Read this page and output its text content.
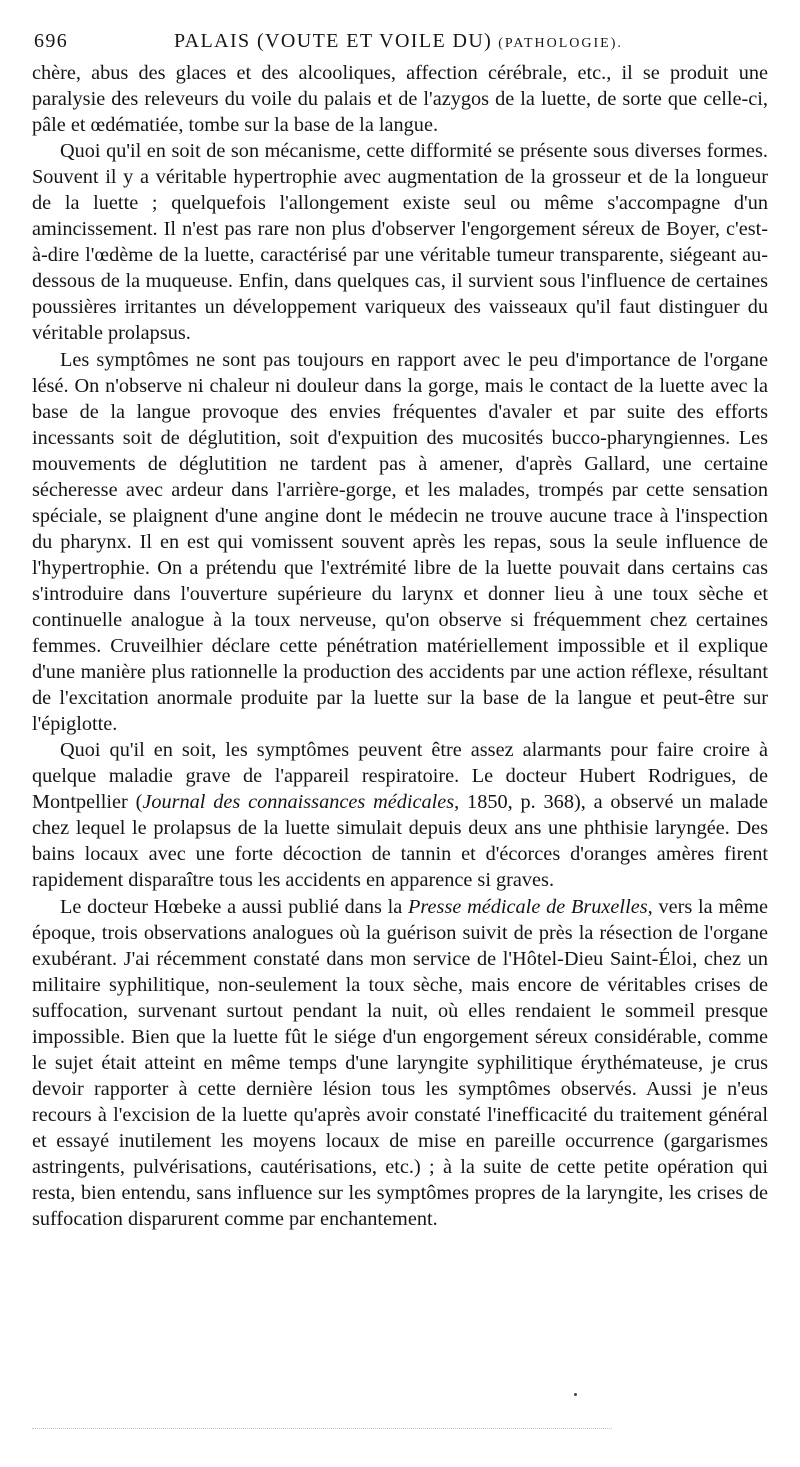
696	PALAIS (VOUTE ET VOILE DU) (PATHOLOGIE).

chère, abus des glaces et des alcooliques, affection cérébrale, etc., il se produit une paralysie des releveurs du voile du palais et de l'azygos de la luette, de sorte que celle-ci, pâle et œdématiée, tombe sur la base de la langue.

Quoi qu'il en soit de son mécanisme, cette difformité se présente sous diverses formes. Souvent il y a véritable hypertrophie avec augmentation de la grosseur et de la longueur de la luette ; quelquefois l'allongement existe seul ou même s'accompagne d'un amincissement. Il n'est pas rare non plus d'observer l'engorgement séreux de Boyer, c'est-à-dire l'œdème de la luette, caractérisé par une véritable tumeur transparente, siégeant au-dessous de la muqueuse. Enfin, dans quelques cas, il survient sous l'influence de certaines poussières irritantes un développement variqueux des vaisseaux qu'il faut distinguer du véritable prolapsus.

Les symptômes ne sont pas toujours en rapport avec le peu d'importance de l'organe lésé. On n'observe ni chaleur ni douleur dans la gorge, mais le contact de la luette avec la base de la langue provoque des envies fréquentes d'avaler et par suite des efforts incessants soit de déglutition, soit d'expuition des mucosités bucco-pharyngiennes. Les mouvements de déglutition ne tardent pas à amener, d'après Gallard, une certaine sécheresse avec ardeur dans l'arrière-gorge, et les malades, trompés par cette sensation spéciale, se plaignent d'une angine dont le médecin ne trouve aucune trace à l'inspection du pharynx. Il en est qui vomissent souvent après les repas, sous la seule influence de l'hypertrophie. On a prétendu que l'extrémité libre de la luette pouvait dans certains cas s'introduire dans l'ouverture supérieure du larynx et donner lieu à une toux sèche et continuelle analogue à la toux nerveuse, qu'on observe si fréquemment chez certaines femmes. Cruveilhier déclare cette pénétration matériellement impossible et il explique d'une manière plus rationnelle la production des accidents par une action réflexe, résultant de l'excitation anormale produite par la luette sur la base de la langue et peut-être sur l'épiglotte.

Quoi qu'il en soit, les symptômes peuvent être assez alarmants pour faire croire à quelque maladie grave de l'appareil respiratoire. Le docteur Hubert Rodrigues, de Montpellier (Journal des connaissances médicales, 1850, p. 368), a observé un malade chez lequel le prolapsus de la luette simulait depuis deux ans une phthisie laryngée. Des bains locaux avec une forte décoction de tannin et d'écorces d'oranges amères firent rapidement disparaître tous les accidents en apparence si graves.

Le docteur Hœbeke a aussi publié dans la Presse médicale de Bruxelles, vers la même époque, trois observations analogues où la guérison suivit de près la résection de l'organe exubérant. J'ai récemment constaté dans mon service de l'Hôtel-Dieu Saint-Éloi, chez un militaire syphilitique, non-seulement la toux sèche, mais encore de véritables crises de suffocation, survenant surtout pendant la nuit, où elles rendaient le sommeil presque impossible. Bien que la luette fût le siége d'un engorgement séreux considérable, comme le sujet était atteint en même temps d'une laryngite syphilitique érythémateuse, je crus devoir rapporter à cette dernière lésion tous les symptômes observés. Aussi je n'eus recours à l'excision de la luette qu'après avoir constaté l'inefficacité du traitement général et essayé inutilement les moyens locaux de mise en pareille occurrence (gargarismes astringents, pulvérisations, cautérisations, etc.) ; à la suite de cette petite opération qui resta, bien entendu, sans influence sur les symptômes propres de la laryngite, les crises de suffocation disparurent comme par enchantement.
